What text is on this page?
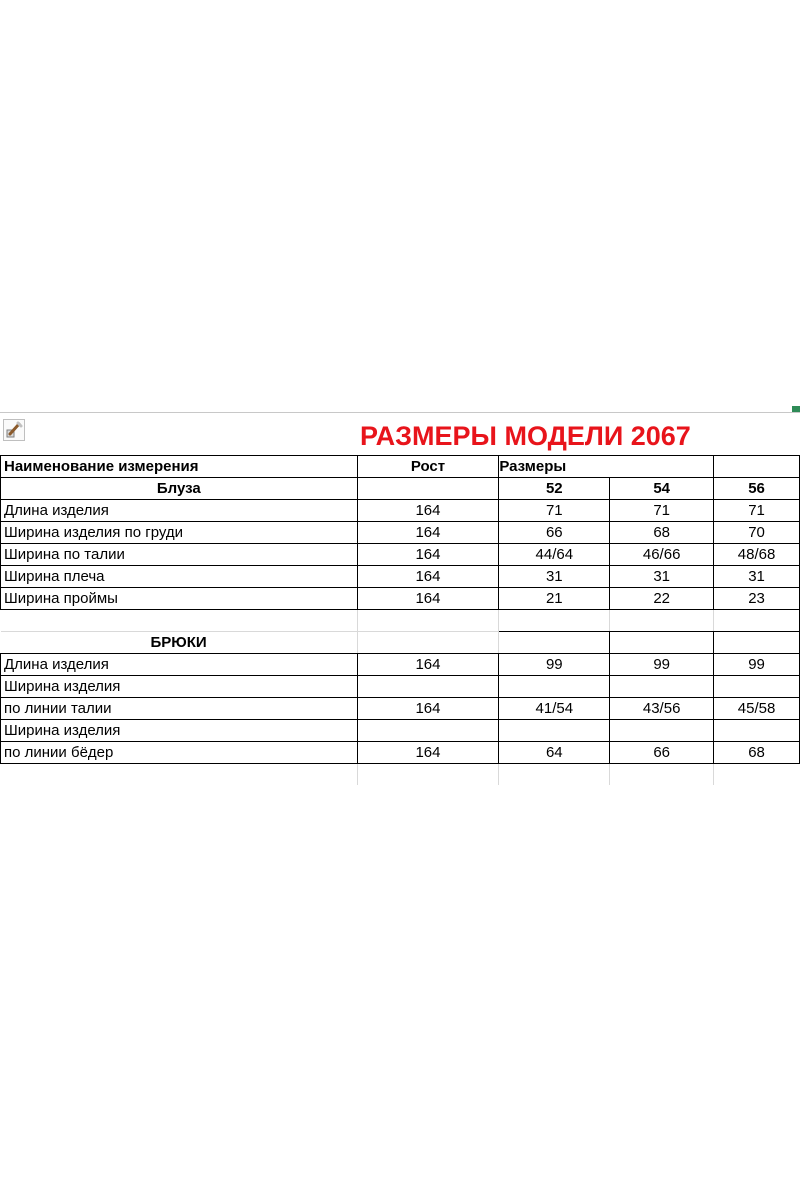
РАЗМЕРЫ МОДЕЛИ 2067
Наименование измерения	Рост	Размеры		
Блуза		52	54	56
Длина изделия	164	71	71	71
Ширина изделия по груди	164	66	68	70
Ширина по талии	164	44/64	46/66	48/68
Ширина плеча	164	31	31	31
Ширина проймы	164	21	22	23

БРЮКИ				
Длина изделия	164	99	99	99
Ширина изделия				
по линии талии	164	41/54	43/56	45/58
Ширина изделия				
по линии бёдер	164	64	66	68
